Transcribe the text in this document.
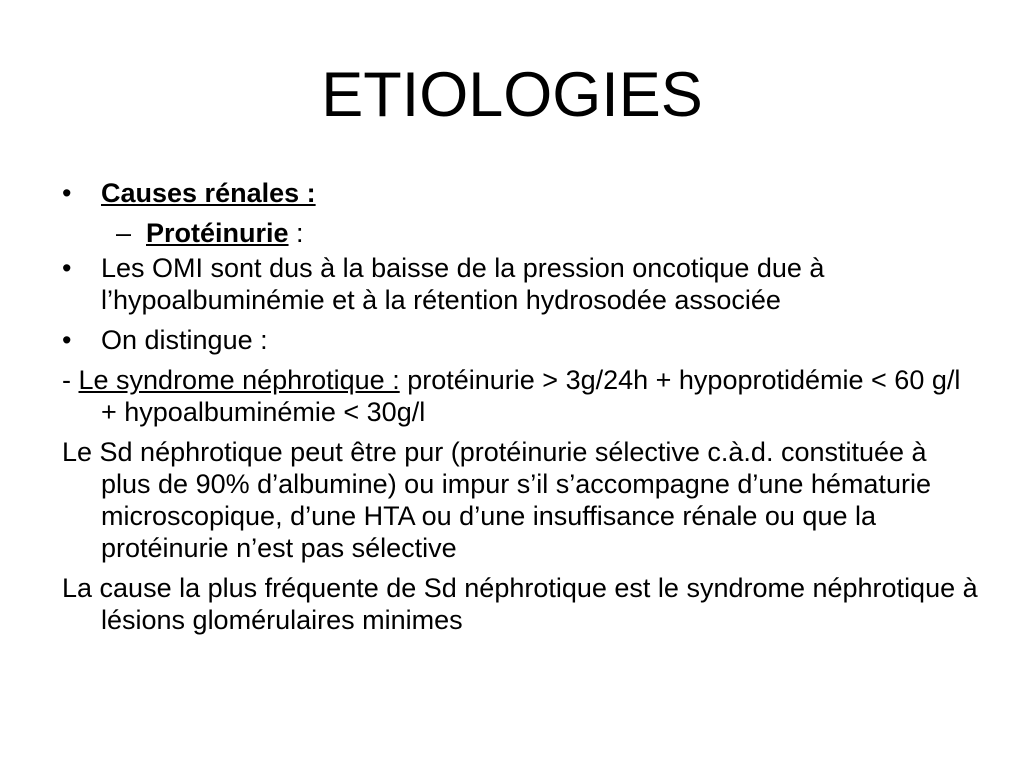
ETIOLOGIES
• Causes rénales :
– Protéinurie :
• Les OMI sont dus à la baisse de la pression oncotique due à l’hypoalbuminémie et à la rétention hydrosodée associée
• On distingue :
- Le syndrome néphrotique : protéinurie > 3g/24h + hypoprotidémie < 60 g/l + hypoalbuminémie < 30g/l
Le Sd néphrotique peut être pur (protéinurie sélective c.à.d. constituée à plus de 90% d’albumine) ou impur s’il s’accompagne d’une hématurie microscopique, d’une HTA ou d’une insuffisance rénale ou que la protéinurie n’est pas sélective
La cause la plus fréquente de Sd néphrotique est le syndrome néphrotique à lésions glomérulaires minimes
